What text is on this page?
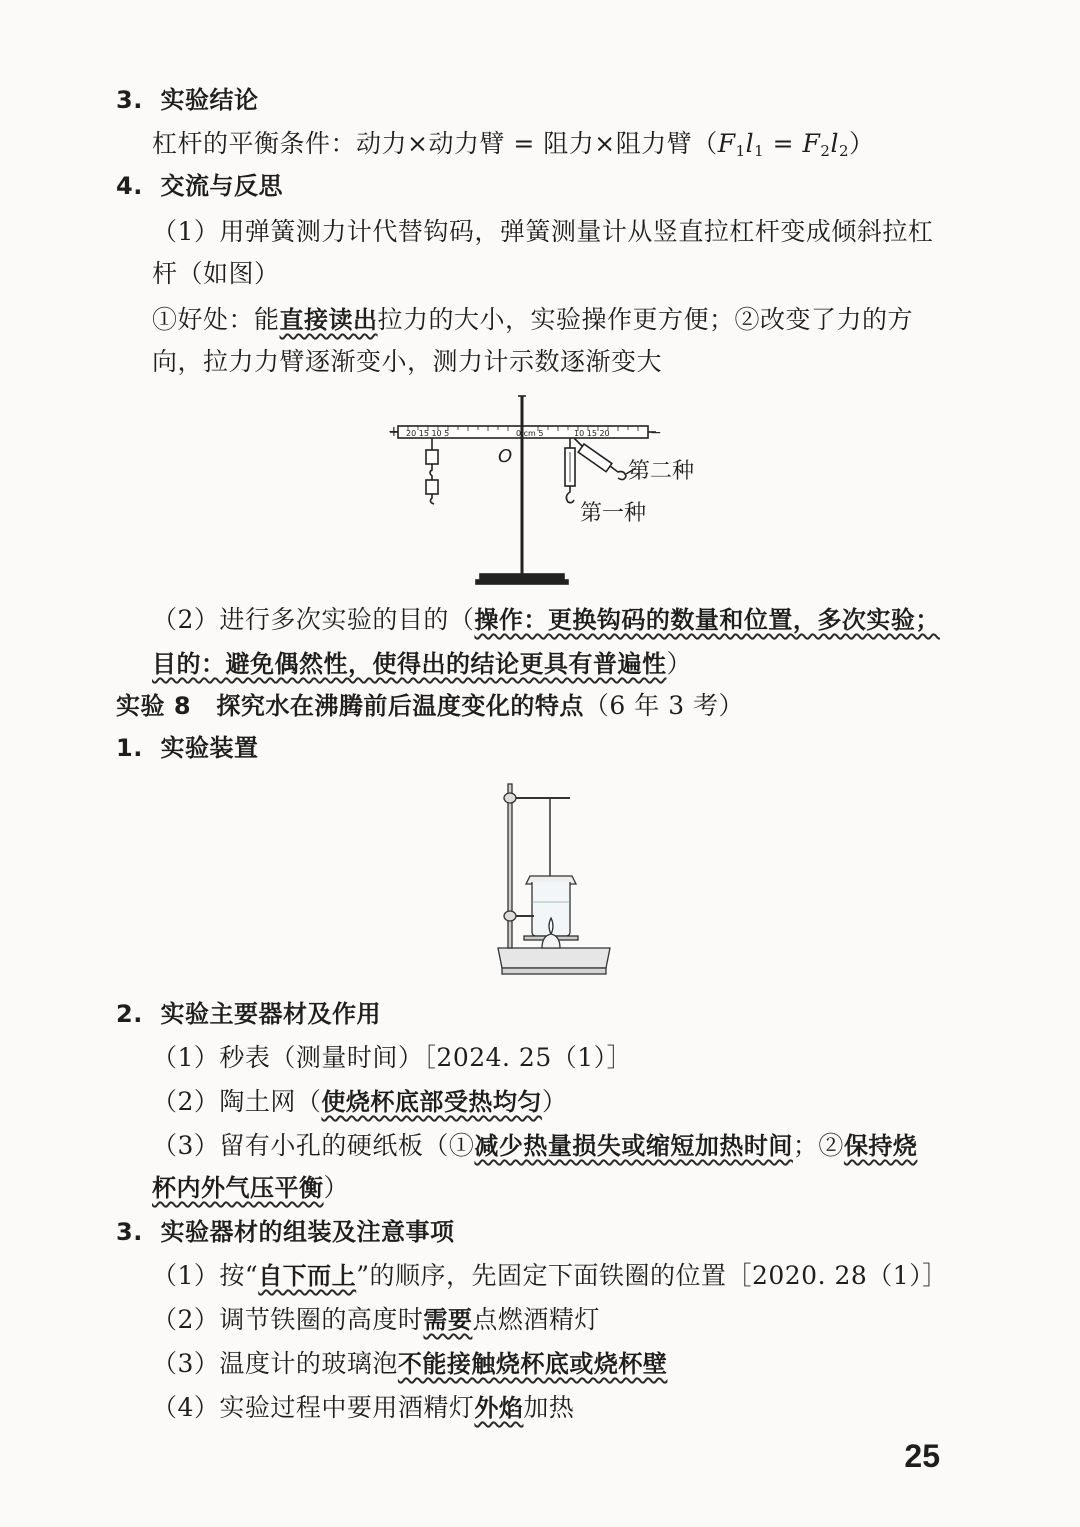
3. 实验结论
杠杆的平衡条件：动力×动力臂 = 阻力×阻力臂$(F_1l_1 = F_2l_2)$
4. 交流与反思
（1）用弹簧测力计代替钩码，弹簧测量计从竖直拉杠杆变成倾斜拉杠
杆（如图）
①好处：能直接读出拉力的大小，实验操作更方便；②改变了力的方
向，拉力力臂逐渐变小，测力计示数逐渐变大
20 15 10 5	0 cm 5	10 15 20
+	−
O
第二种
第一种
（2）进行多次实验的目的（操作：更换钩码的数量和位置，多次实验；
目的：避免偶然性，使得出的结论更具有普遍性）
实验 8 探究水在沸腾前后温度变化的特点（6 年 3 考）
1. 实验装置
2. 实验主要器材及作用
（1）秒表（测量时间）［2024. 25（1）］
（2）陶土网（使烧杯底部受热均匀）
（3）留有小孔的硬纸板（①减少热量损失或缩短加热时间；②保持烧
杯内外气压平衡）
3. 实验器材的组装及注意事项
（1）按“自下而上”的顺序，先固定下面铁圈的位置［2020. 28（1）］
（2）调节铁圈的高度时需要点燃酒精灯
（3）温度计的玻璃泡不能接触烧杯底或烧杯壁
（4）实验过程中要用酒精灯外焰加热
25
